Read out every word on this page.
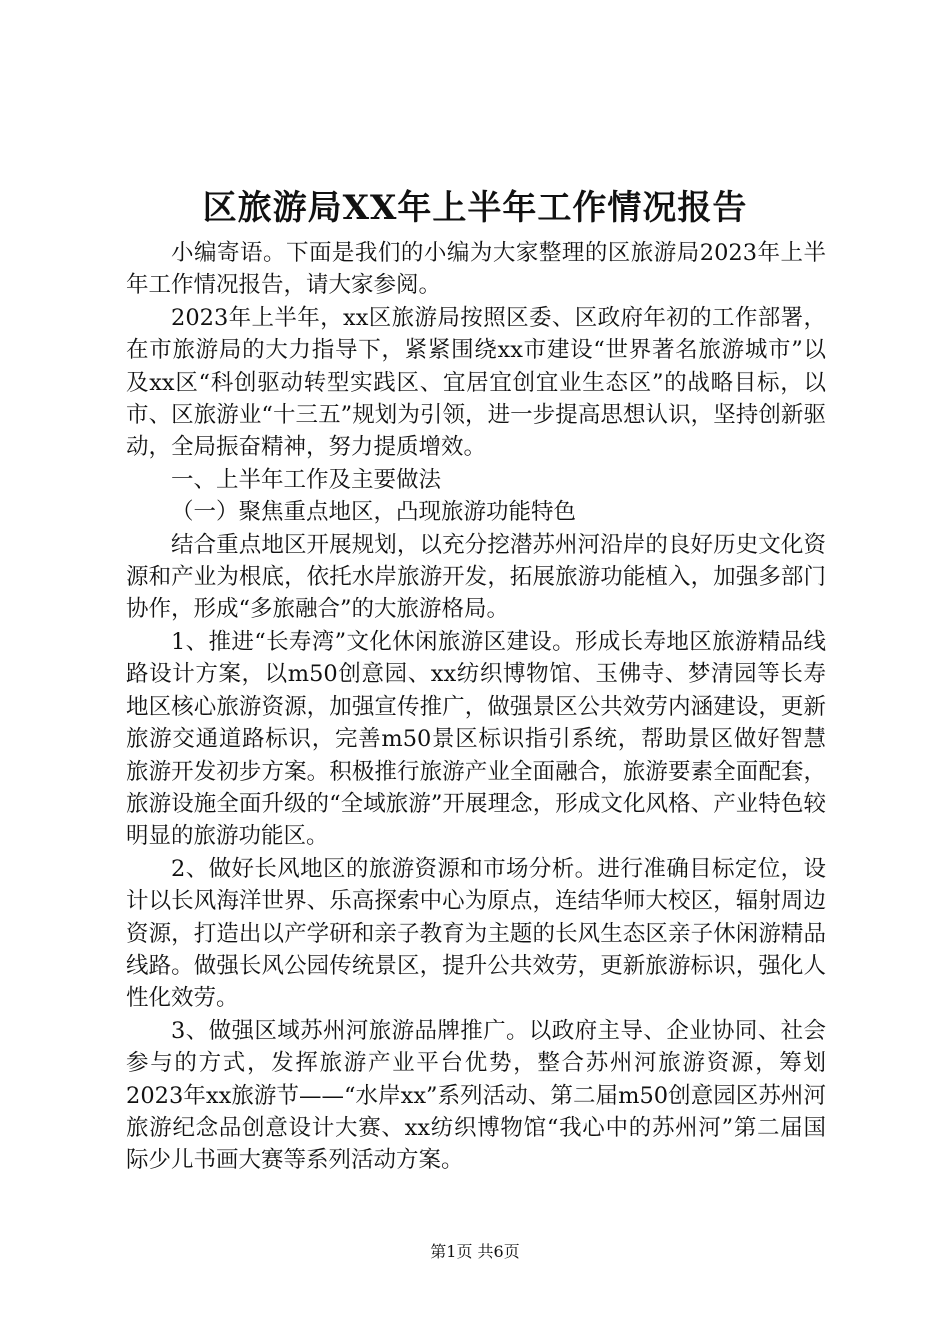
区旅游局XX年上半年工作情况报告

小编寄语。下面是我们的小编为大家整理的区旅游局2023年上半年工作情况报告，请大家参阅。

2023年上半年，xx区旅游局按照区委、区政府年初的工作部署，在市旅游局的大力指导下，紧紧围绕xx市建设“世界著名旅游城市”以及xx区“科创驱动转型实践区、宜居宜创宜业生态区”的战略目标，以市、区旅游业“十三五”规划为引领，进一步提高思想认识，坚持创新驱动，全局振奋精神，努力提质增效。

一、上半年工作及主要做法

（一）聚焦重点地区，凸现旅游功能特色

结合重点地区开展规划，以充分挖潜苏州河沿岸的良好历史文化资源和产业为根底，依托水岸旅游开发，拓展旅游功能植入，加强多部门协作，形成“多旅融合”的大旅游格局。

1、推进“长寿湾”文化休闲旅游区建设。形成长寿地区旅游精品线路设计方案，以m50创意园、xx纺织博物馆、玉佛寺、梦清园等长寿地区核心旅游资源，加强宣传推广，做强景区公共效劳内涵建设，更新旅游交通道路标识，完善m50景区标识指引系统，帮助景区做好智慧旅游开发初步方案。积极推行旅游产业全面融合，旅游要素全面配套，旅游设施全面升级的“全域旅游”开展理念，形成文化风格、产业特色较明显的旅游功能区。

2、做好长风地区的旅游资源和市场分析。进行准确目标定位，设计以长风海洋世界、乐高探索中心为原点，连结华师大校区，辐射周边资源，打造出以产学研和亲子教育为主题的长风生态区亲子休闲游精品线路。做强长风公园传统景区，提升公共效劳，更新旅游标识，强化人性化效劳。

3、做强区域苏州河旅游品牌推广。以政府主导、企业协同、社会参与的方式，发挥旅游产业平台优势，整合苏州河旅游资源，筹划2023年xx旅游节——“水岸xx”系列活动、第二届m50创意园区苏州河旅游纪念品创意设计大赛、xx纺织博物馆“我心中的苏州河”第二届国际少儿书画大赛等系列活动方案。

第1页 共6页
